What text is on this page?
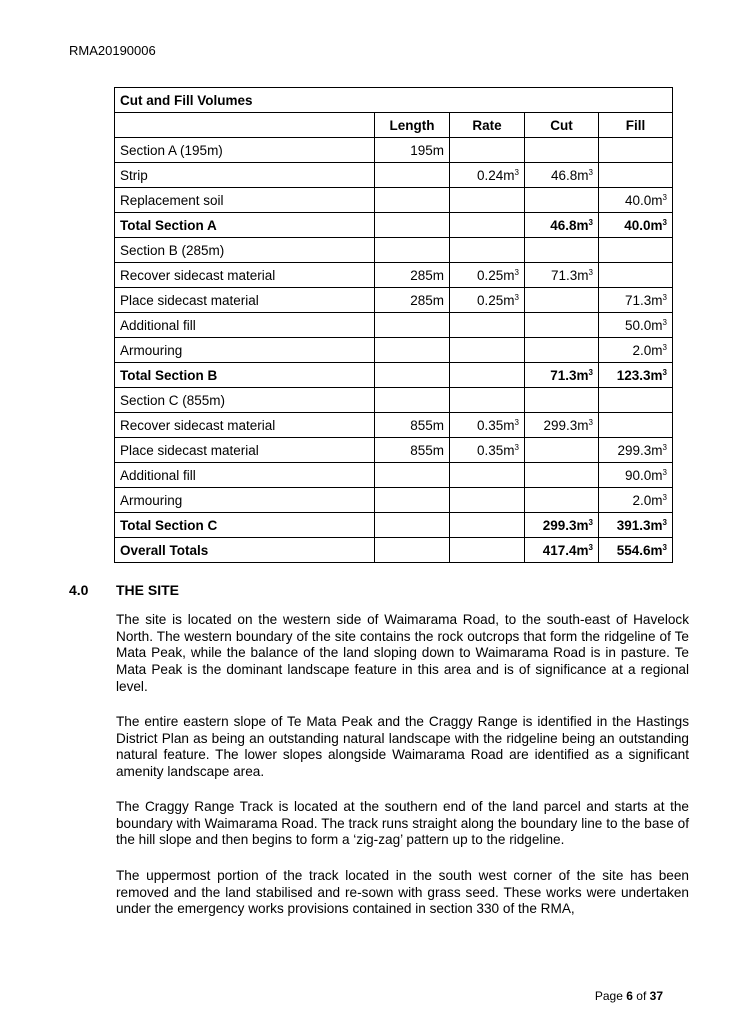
RMA20190006
Cut and Fill Volumes				
	Length	Rate	Cut	Fill
Section A (195m)	195m			
Strip		$0.24m^3$	$46.8m^3$	
Replacement soil				$40.0m^3$
Total Section A			$46.8m^3$	$40.0m^3$
Section B (285m)				
Recover sidecast material	285m	$0.25m^3$	$71.3m^3$	
Place sidecast material	285m	$0.25m^3$		$71.3m^3$
Additional fill				$50.0m^3$
Armouring				$2.0m^3$
Total Section B			$71.3m^3$	$123.3m^3$
Section C (855m)				
Recover sidecast material	855m	$0.35m^3$	$299.3m^3$	
Place sidecast material	855m	$0.35m^3$		$299.3m^3$
Additional fill				$90.0m^3$
Armouring				$2.0m^3$
Total Section C			$299.3m^3$	$391.3m^3$
Overall Totals			$417.4m^3$	$554.6m^3$
4.0 THE SITE

The site is located on the western side of Waimarama Road, to the south-east of Havelock North. The western boundary of the site contains the rock outcrops that form the ridgeline of Te Mata Peak, while the balance of the land sloping down to Waimarama Road is in pasture. Te Mata Peak is the dominant landscape feature in this area and is of significance at a regional level.

The entire eastern slope of Te Mata Peak and the Craggy Range is identified in the Hastings District Plan as being an outstanding natural landscape with the ridgeline being an outstanding natural feature. The lower slopes alongside Waimarama Road are identified as a significant amenity landscape area.

The Craggy Range Track is located at the southern end of the land parcel and starts at the boundary with Waimarama Road. The track runs straight along the boundary line to the base of the hill slope and then begins to form a ‘zig-zag’ pattern up to the ridgeline.

The uppermost portion of the track located in the south west corner of the site has been removed and the land stabilised and re-sown with grass seed. These works were undertaken under the emergency works provisions contained in section 330 of the RMA,

Page 6 of 37
